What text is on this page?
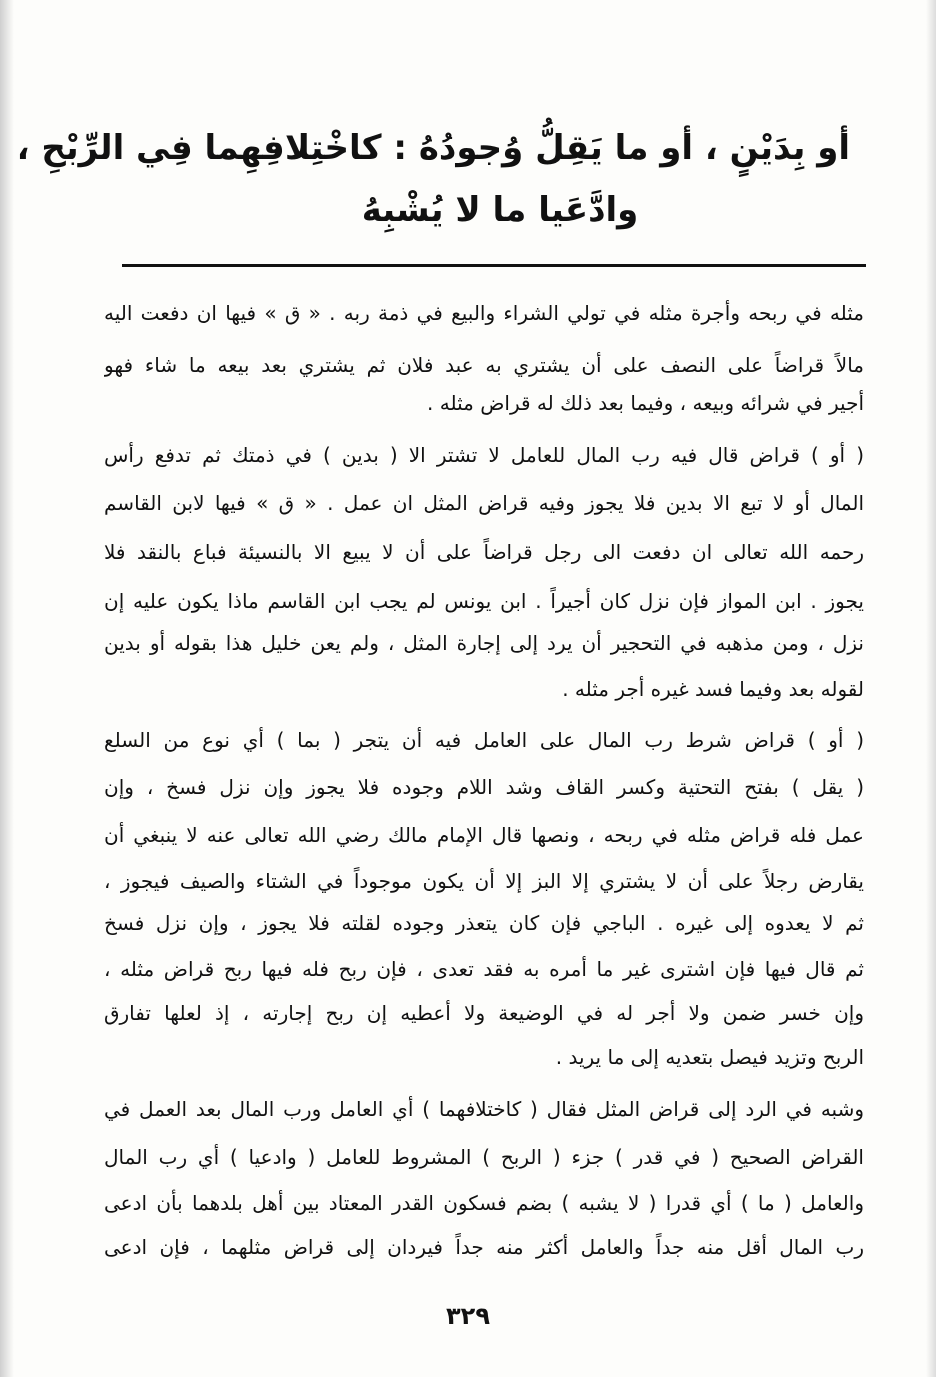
أو بِدَيْنٍ ، أو ما يَقِلُّ وُجودُهُ : كاخْتِلافِهِما فِي الرِّبْحِ ،
وادَّعَيا ما لا يُشْبِهُ
مثله في ربحه وأجرة مثله في تولي الشراء والبيع في ذمة ربه . « ق » فيها ان دفعت اليه
مالاً قراضاً على النصف على أن يشتري به عبد فلان ثم يشتري بعد بيعه ما شاء فهو
أجير في شرائه وبيعه ، وفيما بعد ذلك له قراض مثله .
( أو ) قراض قال فيه رب المال للعامل لا تشتر الا ( بدين ) في ذمتك ثم تدفع رأس
المال أو لا تبع الا بدين فلا يجوز وفيه قراض المثل ان عمل . « ق » فيها لابن القاسم
رحمه الله تعالى ان دفعت الى رجل قراضاً على أن لا يبيع الا بالنسيئة فباع بالنقد فلا
يجوز . ابن المواز فإن نزل كان أجيراً . ابن يونس لم يجب ابن القاسم ماذا يكون عليه إن
نزل ، ومن مذهبه في التحجير أن يرد إلى إجارة المثل ، ولم يعن خليل هذا بقوله أو بدين
لقوله بعد وفيما فسد غيره أجر مثله .
( أو ) قراض شرط رب المال على العامل فيه أن يتجر ( بما ) أي نوع من السلع
( يقل ) بفتح التحتية وكسر القاف وشد اللام وجوده فلا يجوز وإن نزل فسخ ، وإن
عمل فله قراض مثله في ربحه ، ونصها قال الإمام مالك رضي الله تعالى عنه لا ينبغي أن
يقارض رجلاً على أن لا يشتري إلا البز إلا أن يكون موجوداً في الشتاء والصيف فيجوز ،
ثم لا يعدوه إلى غيره . الباجي فإن كان يتعذر وجوده لقلته فلا يجوز ، وإن نزل فسخ
ثم قال فيها فإن اشترى غير ما أمره به فقد تعدى ، فإن ربح فله فيها ربح قراض مثله ،
وإن خسر ضمن ولا أجر له في الوضيعة ولا أعطيه إن ربح إجارته ، إذ لعلها تفارق
الربح وتزيد فيصل بتعديه إلى ما يريد .
وشبه في الرد إلى قراض المثل فقال ( كاختلافهما ) أي العامل ورب المال بعد العمل في
القراض الصحيح ( في قدر ) جزء ( الربح ) المشروط للعامل ( وادعيا ) أي رب المال
والعامل ( ما ) أي قدرا ( لا يشبه ) بضم فسكون القدر المعتاد بين أهل بلدهما بأن ادعى
رب المال أقل منه جداً والعامل أكثر منه جداً فيردان إلى قراض مثلهما ، فإن ادعى
٣٢٩
